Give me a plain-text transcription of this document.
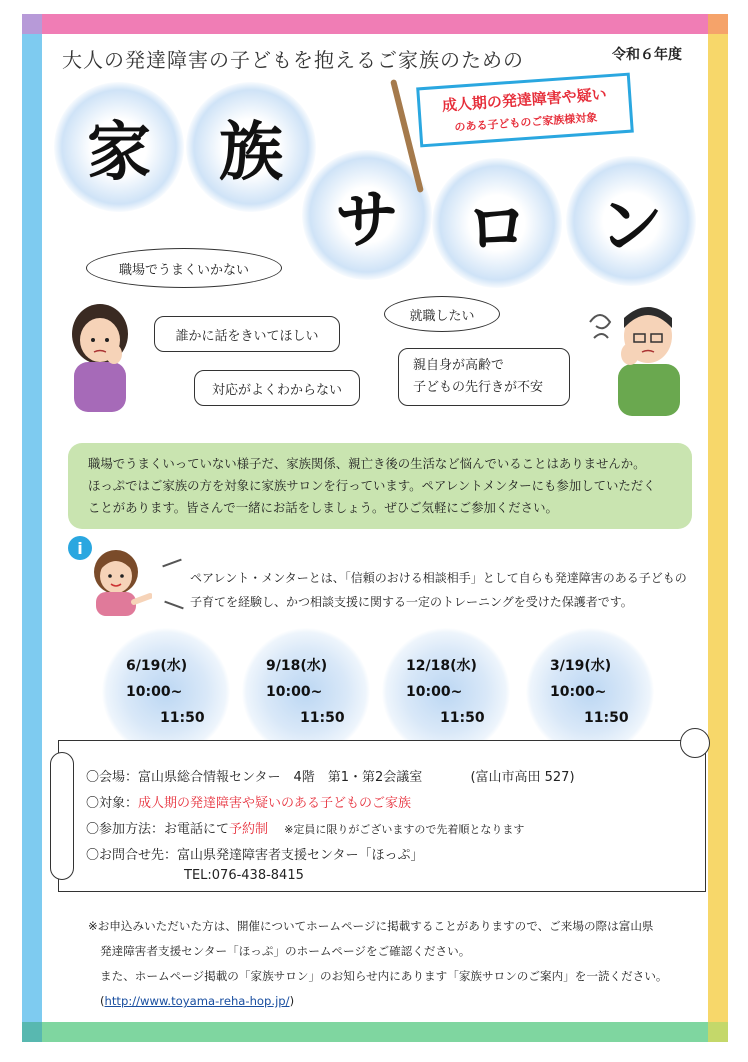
大人の発達障害の子どもを抱えるご家族のための	令和６年度
家 族
サ ロ ン
成人期の発達障害や疑い
のある子どものご家族様対象
職場でうまくいかない
誰かに話をきいてほしい
対応がよくわからない
就職したい
親自身が高齢で
子どもの先行きが不安
職場でうまくいっていない様子だ、家族関係、親亡き後の生活など悩んでいることはありませんか。
ほっぷではご家族の方を対象に家族サロンを行っています。ペアレントメンターにも参加していただく
ことがあります。皆さんで一緒にお話をしましょう。ぜひご気軽にご参加ください。
i
ペアレント・メンターとは、「信頼のおける相談相手」として自らも発達障害のある子どもの
子育てを経験し、かつ相談支援に関する一定のトレーニングを受けた保護者です。
6/19(水)
10:00~
11:50
9/18(水)
10:00~
11:50
12/18(水)
10:00~
11:50
3/19(水)
10:00~
11:50
〇会場：富山県総合情報センター　4階　第1・第2会議室	(富山市高田 527)
〇対象：成人期の発達障害や疑いのある子どものご家族
〇参加方法：お電話にて予約制 ※定員に限りがございますので先着順となります
〇お問合せ先：富山県発達障害者支援センター「ほっぷ」
TEL:076-438-8415
※お申込みいただいた方は、開催についてホームページに掲載することがありますので、ご来場の際は富山県
発達障害者支援センター「ほっぷ」のホームページをご確認ください。
また、ホームページ掲載の「家族サロン」のお知らせ内にあります「家族サロンのご案内」を一読ください。
(http://www.toyama-reha-hop.jp/)
